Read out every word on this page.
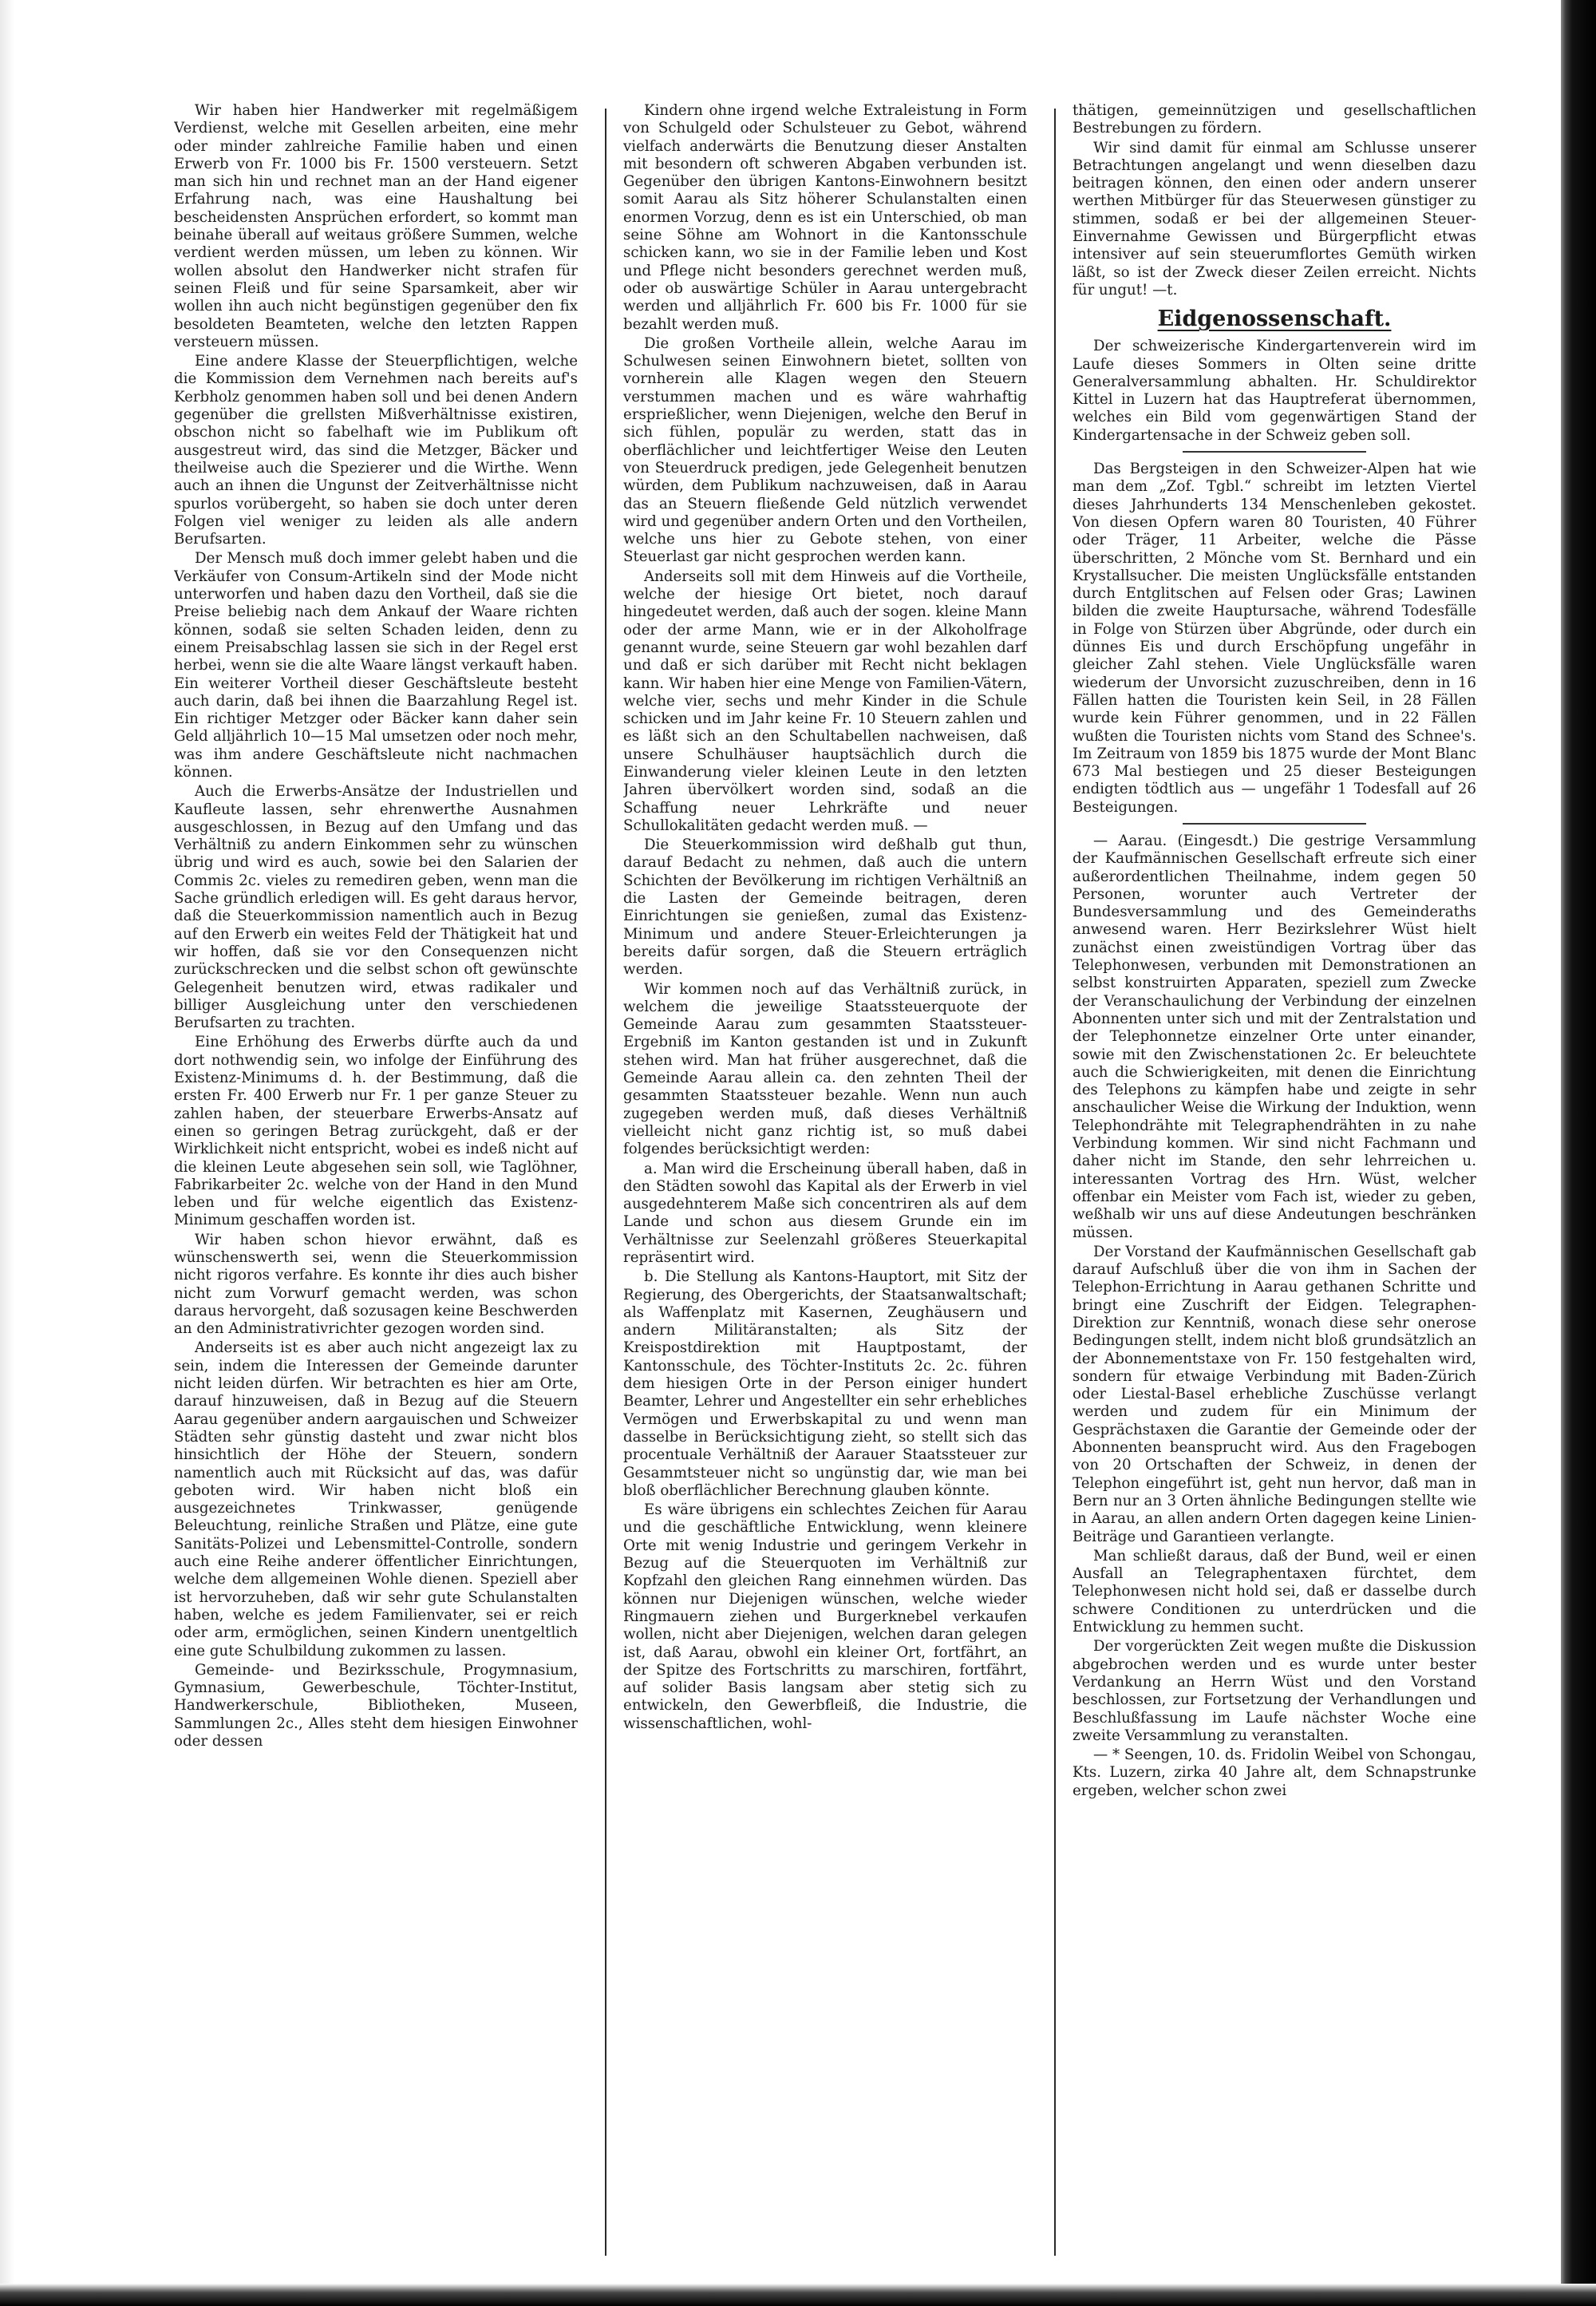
Wir haben hier Handwerker mit regelmäßigem Verdienst, welche mit Gesellen arbeiten, eine mehr oder minder zahlreiche Familie haben und einen Erwerb von Fr. 1000 bis Fr. 1500 versteuern. Setzt man sich hin und rechnet man an der Hand eigener Erfahrung nach, was eine Haushaltung bei bescheidensten Ansprüchen erfordert, so kommt man beinahe überall auf weitaus größere Summen, welche verdient werden müssen, um leben zu können. Wir wollen absolut den Handwerker nicht strafen für seinen Fleiß und für seine Sparsamkeit, aber wir wollen ihn auch nicht begünstigen gegenüber den fix besoldeten Beamteten, welche den letzten Rappen versteuern müssen.

Eine andere Klasse der Steuerpflichtigen, welche die Kommission dem Vernehmen nach bereits auf's Kerbholz genommen haben soll und bei denen Andern gegenüber die grellsten Mißverhältnisse existiren, obschon nicht so fabelhaft wie im Publikum oft ausgestreut wird, das sind die Metzger, Bäcker und theilweise auch die Spezierer und die Wirthe. Wenn auch an ihnen die Ungunst der Zeitverhältnisse nicht spurlos vorübergeht, so haben sie doch unter deren Folgen viel weniger zu leiden als alle andern Berufsarten.

Der Mensch muß doch immer gelebt haben und die Verkäufer von Consum-Artikeln sind der Mode nicht unterworfen und haben dazu den Vortheil, daß sie die Preise beliebig nach dem Ankauf der Waare richten können, sodaß sie selten Schaden leiden, denn zu einem Preisabschlag lassen sie sich in der Regel erst herbei, wenn sie die alte Waare längst verkauft haben. Ein weiterer Vortheil dieser Geschäftsleute besteht auch darin, daß bei ihnen die Baarzahlung Regel ist. Ein richtiger Metzger oder Bäcker kann daher sein Geld alljährlich 10—15 Mal umsetzen oder noch mehr, was ihm andere Geschäftsleute nicht nachmachen können.

Auch die Erwerbs-Ansätze der Industriellen und Kaufleute lassen, sehr ehrenwerthe Ausnahmen ausgeschlossen, in Bezug auf den Umfang und das Verhältniß zu andern Einkommen sehr zu wünschen übrig und wird es auch, sowie bei den Salarien der Commis 2c. vieles zu remediren geben, wenn man die Sache gründlich erledigen will. Es geht daraus hervor, daß die Steuerkommission namentlich auch in Bezug auf den Erwerb ein weites Feld der Thätigkeit hat und wir hoffen, daß sie vor den Consequenzen nicht zurückschrecken und die selbst schon oft gewünschte Gelegenheit benutzen wird, etwas radikaler und billiger Ausgleichung unter den verschiedenen Berufsarten zu trachten.

Eine Erhöhung des Erwerbs dürfte auch da und dort nothwendig sein, wo infolge der Einführung des Existenz-Minimums d. h. der Bestimmung, daß die ersten Fr. 400 Erwerb nur Fr. 1 per ganze Steuer zu zahlen haben, der steuerbare Erwerbs-Ansatz auf einen so geringen Betrag zurückgeht, daß er der Wirklichkeit nicht entspricht, wobei es indeß nicht auf die kleinen Leute abgesehen sein soll, wie Taglöhner, Fabrikarbeiter 2c. welche von der Hand in den Mund leben und für welche eigentlich das Existenz-Minimum geschaffen worden ist.

Wir haben schon hievor erwähnt, daß es wünschenswerth sei, wenn die Steuerkommission nicht rigoros verfahre. Es konnte ihr dies auch bisher nicht zum Vorwurf gemacht werden, was schon daraus hervorgeht, daß sozusagen keine Beschwerden an den Administrativrichter gezogen worden sind.

Anderseits ist es aber auch nicht angezeigt lax zu sein, indem die Interessen der Gemeinde darunter nicht leiden dürfen. Wir betrachten es hier am Orte, darauf hinzuweisen, daß in Bezug auf die Steuern Aarau gegenüber andern aargauischen und Schweizer Städten sehr günstig dasteht und zwar nicht blos hinsichtlich der Höhe der Steuern, sondern namentlich auch mit Rücksicht auf das, was dafür geboten wird. Wir haben nicht bloß ein ausgezeichnetes Trinkwasser, genügende Beleuchtung, reinliche Straßen und Plätze, eine gute Sanitäts-Polizei und Lebensmittel-Controlle, sondern auch eine Reihe anderer öffentlicher Einrichtungen, welche dem allgemeinen Wohle dienen. Speziell aber ist hervorzuheben, daß wir sehr gute Schulanstalten haben, welche es jedem Familienvater, sei er reich oder arm, ermöglichen, seinen Kindern unentgeltlich eine gute Schulbildung zukommen zu lassen.

Gemeinde- und Bezirksschule, Progymnasium, Gymnasium, Gewerbeschule, Töchter-Institut, Handwerkerschule, Bibliotheken, Museen, Sammlungen 2c., Alles steht dem hiesigen Einwohner oder dessen

Kindern ohne irgend welche Extraleistung in Form von Schulgeld oder Schulsteuer zu Gebot, während vielfach anderwärts die Benutzung dieser Anstalten mit besondern oft schweren Abgaben verbunden ist. Gegenüber den übrigen Kantons-Einwohnern besitzt somit Aarau als Sitz höherer Schulanstalten einen enormen Vorzug, denn es ist ein Unterschied, ob man seine Söhne am Wohnort in die Kantonsschule schicken kann, wo sie in der Familie leben und Kost und Pflege nicht besonders gerechnet werden muß, oder ob auswärtige Schüler in Aarau untergebracht werden und alljährlich Fr. 600 bis Fr. 1000 für sie bezahlt werden muß.

Die großen Vortheile allein, welche Aarau im Schulwesen seinen Einwohnern bietet, sollten von vornherein alle Klagen wegen den Steuern verstummen machen und es wäre wahrhaftig ersprießlicher, wenn Diejenigen, welche den Beruf in sich fühlen, populär zu werden, statt das in oberflächlicher und leichtfertiger Weise den Leuten von Steuerdruck predigen, jede Gelegenheit benutzen würden, dem Publikum nachzuweisen, daß in Aarau das an Steuern fließende Geld nützlich verwendet wird und gegenüber andern Orten und den Vortheilen, welche uns hier zu Gebote stehen, von einer Steuerlast gar nicht gesprochen werden kann.

Anderseits soll mit dem Hinweis auf die Vortheile, welche der hiesige Ort bietet, noch darauf hingedeutet werden, daß auch der sogen. kleine Mann oder der arme Mann, wie er in der Alkoholfrage genannt wurde, seine Steuern gar wohl bezahlen darf und daß er sich darüber mit Recht nicht beklagen kann. Wir haben hier eine Menge von Familien-Vätern, welche vier, sechs und mehr Kinder in die Schule schicken und im Jahr keine Fr. 10 Steuern zahlen und es läßt sich an den Schultabellen nachweisen, daß unsere Schulhäuser hauptsächlich durch die Einwanderung vieler kleinen Leute in den letzten Jahren übervölkert worden sind, sodaß an die Schaffung neuer Lehrkräfte und neuer Schullokalitäten gedacht werden muß. —

Die Steuerkommission wird deßhalb gut thun, darauf Bedacht zu nehmen, daß auch die untern Schichten der Bevölkerung im richtigen Verhältniß an die Lasten der Gemeinde beitragen, deren Einrichtungen sie genießen, zumal das Existenz-Minimum und andere Steuer-Erleichterungen ja bereits dafür sorgen, daß die Steuern erträglich werden.

Wir kommen noch auf das Verhältniß zurück, in welchem die jeweilige Staatssteuerquote der Gemeinde Aarau zum gesammten Staatssteuer-Ergebniß im Kanton gestanden ist und in Zukunft stehen wird. Man hat früher ausgerechnet, daß die Gemeinde Aarau allein ca. den zehnten Theil der gesammten Staatssteuer bezahle. Wenn nun auch zugegeben werden muß, daß dieses Verhältniß vielleicht nicht ganz richtig ist, so muß dabei folgendes berücksichtigt werden:

a. Man wird die Erscheinung überall haben, daß in den Städten sowohl das Kapital als der Erwerb in viel ausgedehnterem Maße sich concentriren als auf dem Lande und schon aus diesem Grunde ein im Verhältnisse zur Seelenzahl größeres Steuerkapital repräsentirt wird.

b. Die Stellung als Kantons-Hauptort, mit Sitz der Regierung, des Obergerichts, der Staatsanwaltschaft; als Waffenplatz mit Kasernen, Zeughäusern und andern Militäranstalten; als Sitz der Kreispostdirektion mit Hauptpostamt, der Kantonsschule, des Töchter-Instituts 2c. 2c. führen dem hiesigen Orte in der Person einiger hundert Beamter, Lehrer und Angestellter ein sehr erhebliches Vermögen und Erwerbskapital zu und wenn man dasselbe in Berücksichtigung zieht, so stellt sich das procentuale Verhältniß der Aarauer Staatssteuer zur Gesammtsteuer nicht so ungünstig dar, wie man bei bloß oberflächlicher Berechnung glauben könnte.

Es wäre übrigens ein schlechtes Zeichen für Aarau und die geschäftliche Entwicklung, wenn kleinere Orte mit wenig Industrie und geringem Verkehr in Bezug auf die Steuerquoten im Verhältniß zur Kopfzahl den gleichen Rang einnehmen würden. Das können nur Diejenigen wünschen, welche wieder Ringmauern ziehen und Burgerknebel verkaufen wollen, nicht aber Diejenigen, welchen daran gelegen ist, daß Aarau, obwohl ein kleiner Ort, fortfährt, an der Spitze des Fortschritts zu marschiren, fortfährt, auf solider Basis langsam aber stetig sich zu entwickeln, den Gewerbfleiß, die Industrie, die wissenschaftlichen, wohl-

thätigen, gemeinnützigen und gesellschaftlichen Bestrebungen zu fördern.

Wir sind damit für einmal am Schlusse unserer Betrachtungen angelangt und wenn dieselben dazu beitragen können, den einen oder andern unserer werthen Mitbürger für das Steuerwesen günstiger zu stimmen, sodaß er bei der allgemeinen Steuer-Einvernahme Gewissen und Bürgerpflicht etwas intensiver auf sein steuerumflortes Gemüth wirken läßt, so ist der Zweck dieser Zeilen erreicht. Nichts für ungut! —t.

Eidgenossenschaft.

Der schweizerische Kindergartenverein wird im Laufe dieses Sommers in Olten seine dritte Generalversammlung abhalten. Hr. Schuldirektor Kittel in Luzern hat das Hauptreferat übernommen, welches ein Bild vom gegenwärtigen Stand der Kindergartensache in der Schweiz geben soll.

Das Bergsteigen in den Schweizer-Alpen hat wie man dem „Zof. Tgbl.“ schreibt im letzten Viertel dieses Jahrhunderts 134 Menschenleben gekostet. Von diesen Opfern waren 80 Touristen, 40 Führer oder Träger, 11 Arbeiter, welche die Pässe überschritten, 2 Mönche vom St. Bernhard und ein Krystallsucher. Die meisten Unglücksfälle entstanden durch Entglitschen auf Felsen oder Gras; Lawinen bilden die zweite Hauptursache, während Todesfälle in Folge von Stürzen über Abgründe, oder durch ein dünnes Eis und durch Erschöpfung ungefähr in gleicher Zahl stehen. Viele Unglücksfälle waren wiederum der Unvorsicht zuzuschreiben, denn in 16 Fällen hatten die Touristen kein Seil, in 28 Fällen wurde kein Führer genommen, und in 22 Fällen wußten die Touristen nichts vom Stand des Schnee's. Im Zeitraum von 1859 bis 1875 wurde der Mont Blanc 673 Mal bestiegen und 25 dieser Besteigungen endigten tödtlich aus — ungefähr 1 Todesfall auf 26 Besteigungen.

— Aarau. (Eingesdt.) Die gestrige Versammlung der Kaufmännischen Gesellschaft erfreute sich einer außerordentlichen Theilnahme, indem gegen 50 Personen, worunter auch Vertreter der Bundesversammlung und des Gemeinderaths anwesend waren. Herr Bezirkslehrer Wüst hielt zunächst einen zweistündigen Vortrag über das Telephonwesen, verbunden mit Demonstrationen an selbst konstruirten Apparaten, speziell zum Zwecke der Veranschaulichung der Verbindung der einzelnen Abonnenten unter sich und mit der Zentralstation und der Telephonnetze einzelner Orte unter einander, sowie mit den Zwischenstationen 2c. Er beleuchtete auch die Schwierigkeiten, mit denen die Einrichtung des Telephons zu kämpfen habe und zeigte in sehr anschaulicher Weise die Wirkung der Induktion, wenn Telephondrähte mit Telegraphendrähten in zu nahe Verbindung kommen. Wir sind nicht Fachmann und daher nicht im Stande, den sehr lehrreichen u. interessanten Vortrag des Hrn. Wüst, welcher offenbar ein Meister vom Fach ist, wieder zu geben, weßhalb wir uns auf diese Andeutungen beschränken müssen.

Der Vorstand der Kaufmännischen Gesellschaft gab darauf Aufschluß über die von ihm in Sachen der Telephon-Errichtung in Aarau gethanen Schritte und bringt eine Zuschrift der Eidgen. Telegraphen-Direktion zur Kenntniß, wonach diese sehr onerose Bedingungen stellt, indem nicht bloß grundsätzlich an der Abonnementstaxe von Fr. 150 festgehalten wird, sondern für etwaige Verbindung mit Baden-Zürich oder Liestal-Basel erhebliche Zuschüsse verlangt werden und zudem für ein Minimum der Gesprächstaxen die Garantie der Gemeinde oder der Abonnenten beansprucht wird. Aus den Fragebogen von 20 Ortschaften der Schweiz, in denen der Telephon eingeführt ist, geht nun hervor, daß man in Bern nur an 3 Orten ähnliche Bedingungen stellte wie in Aarau, an allen andern Orten dagegen keine Linien-Beiträge und Garantieen verlangte.

Man schließt daraus, daß der Bund, weil er einen Ausfall an Telegraphentaxen fürchtet, dem Telephonwesen nicht hold sei, daß er dasselbe durch schwere Conditionen zu unterdrücken und die Entwicklung zu hemmen sucht.

Der vorgerückten Zeit wegen mußte die Diskussion abgebrochen werden und es wurde unter bester Verdankung an Herrn Wüst und den Vorstand beschlossen, zur Fortsetzung der Verhandlungen und Beschlußfassung im Laufe nächster Woche eine zweite Versammlung zu veranstalten.

— * Seengen, 10. ds. Fridolin Weibel von Schongau, Kts. Luzern, zirka 40 Jahre alt, dem Schnapstrunke ergeben, welcher schon zwei
